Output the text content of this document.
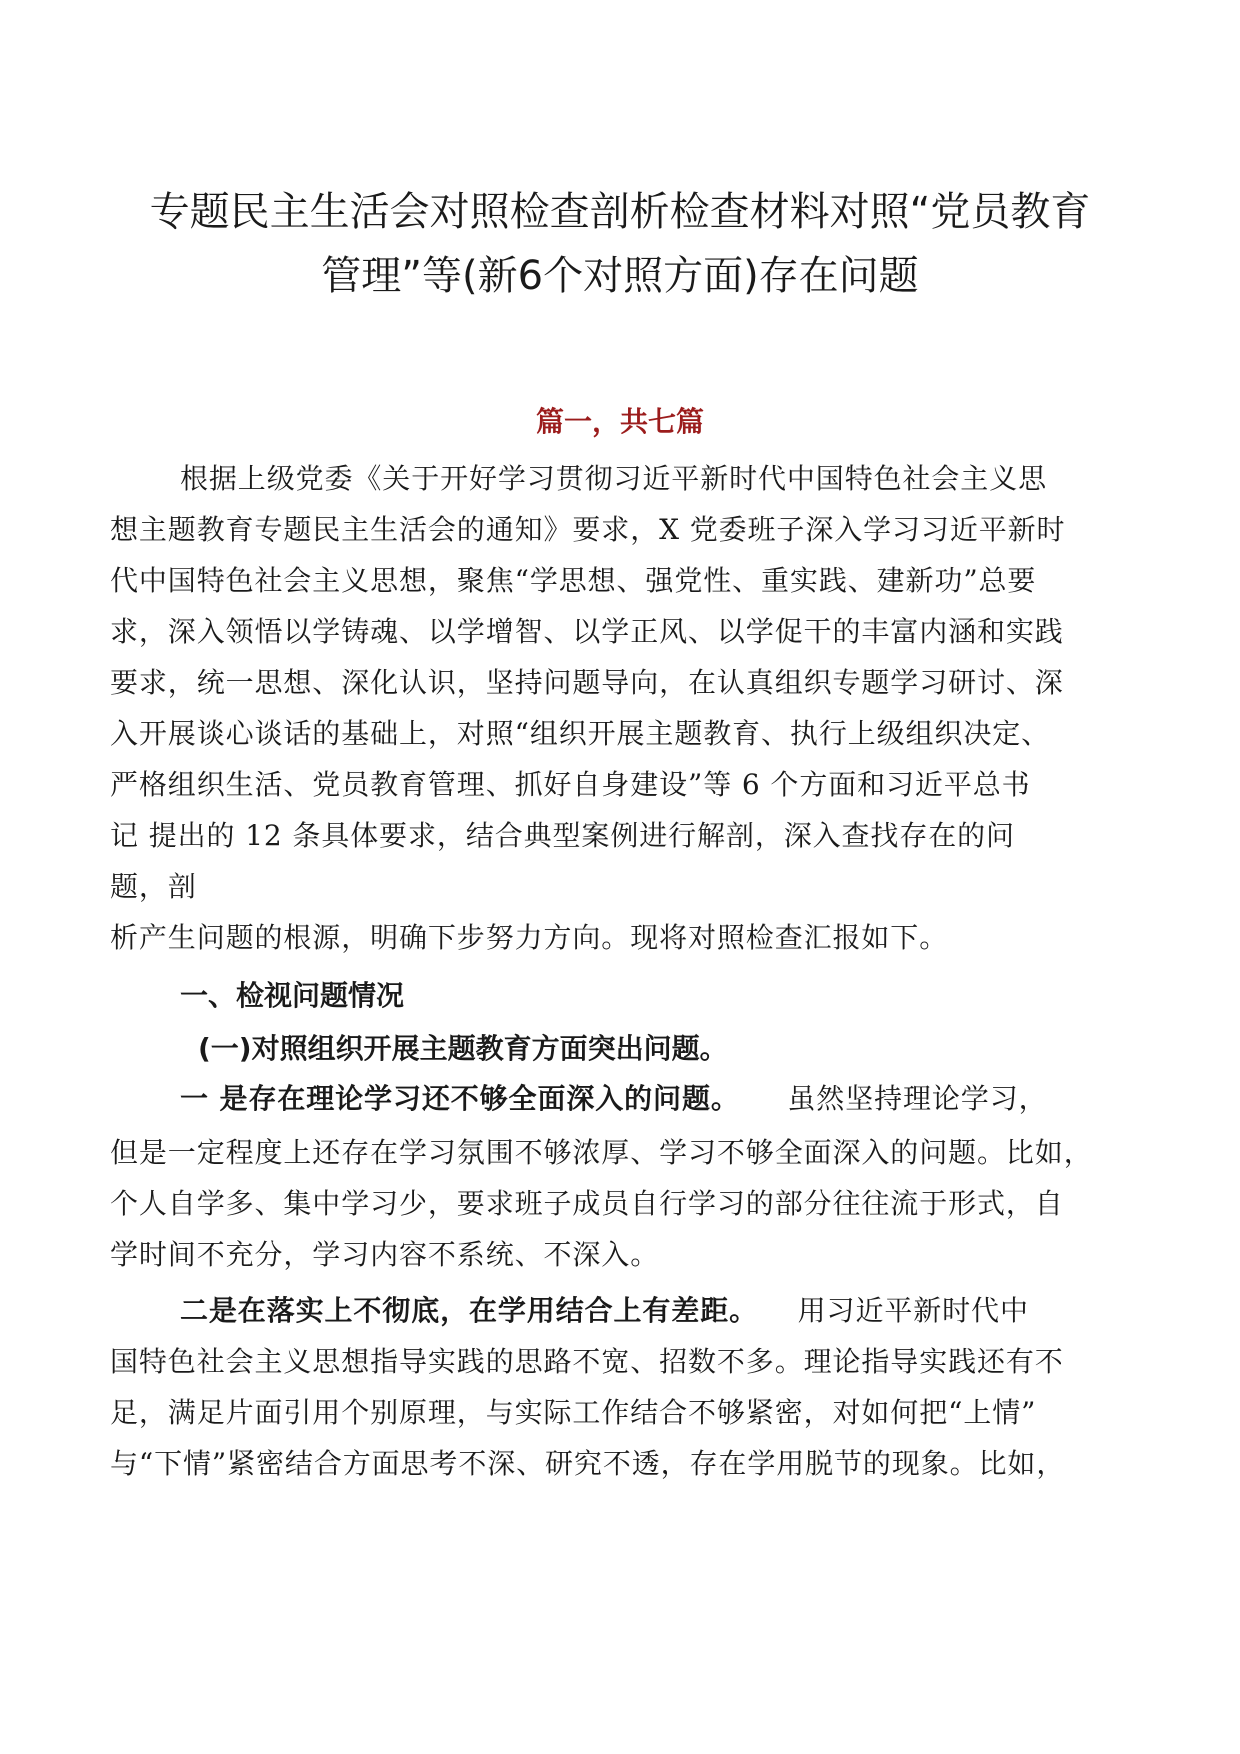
专题民主生活会对照检查剖析检查材料对照“党员教育
管理”等(新6个对照方面)存在问题
篇一，共七篇
根据上级党委《关于开好学习贯彻习近平新时代中国特色社会主义思
想主题教育专题民主生活会的通知》要求，X 党委班子深入学习习近平新时
代中国特色社会主义思想，聚焦“学思想、强党性、重实践、建新功”总要
求，深入领悟以学铸魂、以学增智、以学正风、以学促干的丰富内涵和实践
要求，统一思想、深化认识，坚持问题导向，在认真组织专题学习研讨、深
入开展谈心谈话的基础上，对照“组织开展主题教育、执行上级组织决定、
严格组织生活、党员教育管理、抓好自身建设”等 6 个方面和习近平总书
记 提出的 12 条具体要求，结合典型案例进行解剖，深入查找存在的问
题，剖
析产生问题的根源，明确下步努力方向。现将对照检查汇报如下。
一、检视问题情况
(一)对照组织开展主题教育方面突出问题。
一 是存在理论学习还不够全面深入的问题。 虽然坚持理论学习，
但是一定程度上还存在学习氛围不够浓厚、学习不够全面深入的问题。比如，
个人自学多、集中学习少，要求班子成员自行学习的部分往往流于形式，自
学时间不充分，学习内容不系统、不深入。
二是在落实上不彻底，在学用结合上有差距。 用习近平新时代中
国特色社会主义思想指导实践的思路不宽、招数不多。理论指导实践还有不
足，满足片面引用个别原理，与实际工作结合不够紧密，对如何把“上情”
与“下情”紧密结合方面思考不深、研究不透，存在学用脱节的现象。比如，
